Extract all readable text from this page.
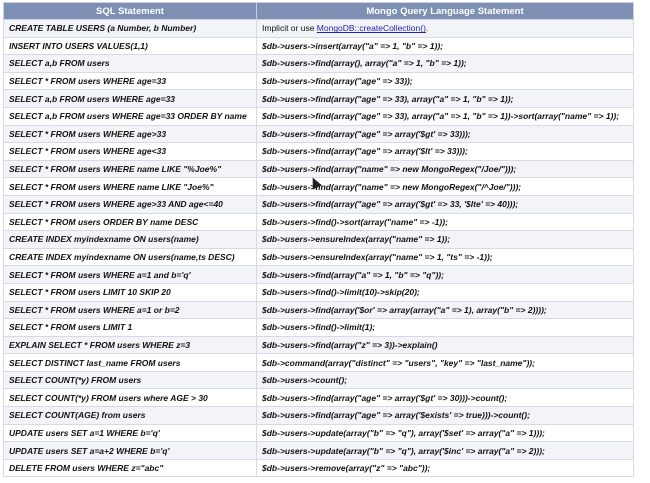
SQL Statement	Mongo Query Language Statement
CREATE TABLE USERS (a Number, b Number)	Implicit or use MongoDB::createCollection().
INSERT INTO USERS VALUES(1,1)	$db->users->insert(array("a" => 1, "b" => 1));
SELECT a,b FROM users	$db->users->find(array(), array("a" => 1, "b" => 1));
SELECT * FROM users WHERE age=33	$db->users->find(array("age" => 33));
SELECT a,b FROM users WHERE age=33	$db->users->find(array("age" => 33), array("a" => 1, "b" => 1));
SELECT a,b FROM users WHERE age=33 ORDER BY name	$db->users->find(array("age" => 33), array("a" => 1, "b" => 1))->sort(array("name" => 1));
SELECT * FROM users WHERE age>33	$db->users->find(array("age" => array('$gt' => 33)));
SELECT * FROM users WHERE age<33	$db->users->find(array("age" => array('$lt' => 33)));
SELECT * FROM users WHERE name LIKE "%Joe%"	$db->users->find(array("name" => new MongoRegex("/Joe/")));
SELECT * FROM users WHERE name LIKE "Joe%"	$db->users->find(array("name" => new MongoRegex("/^Joe/")));
SELECT * FROM users WHERE age>33 AND age<=40	$db->users->find(array("age" => array('$gt' => 33, '$lte' => 40)));
SELECT * FROM users ORDER BY name DESC	$db->users->find()->sort(array("name" => -1));
CREATE INDEX myindexname ON users(name)	$db->users->ensureIndex(array("name" => 1));
CREATE INDEX myindexname ON users(name,ts DESC)	$db->users->ensureIndex(array("name" => 1, "ts" => -1));
SELECT * FROM users WHERE a=1 and b='q'	$db->users->find(array("a" => 1, "b" => "q"));
SELECT * FROM users LIMIT 10 SKIP 20	$db->users->find()->limit(10)->skip(20);
SELECT * FROM users WHERE a=1 or b=2	$db->users->find(array('$or' => array(array("a" => 1), array("b" => 2))));
SELECT * FROM users LIMIT 1	$db->users->find()->limit(1);
EXPLAIN SELECT * FROM users WHERE z=3	$db->users->find(array("z" => 3))->explain()
SELECT DISTINCT last_name FROM users	$db->command(array("distinct" => "users", "key" => "last_name"));
SELECT COUNT(*y) FROM users	$db->users->count();
SELECT COUNT(*y) FROM users where AGE > 30	$db->users->find(array("age" => array('$gt' => 30)))->count();
SELECT COUNT(AGE) from users	$db->users->find(array("age" => array('$exists' => true)))->count();
UPDATE users SET a=1 WHERE b='q'	$db->users->update(array("b" => "q"), array('$set' => array("a" => 1)));
UPDATE users SET a=a+2 WHERE b='q'	$db->users->update(array("b" => "q"), array('$inc' => array("a" => 2)));
DELETE FROM users WHERE z="abc"	$db->users->remove(array("z" => "abc"));
